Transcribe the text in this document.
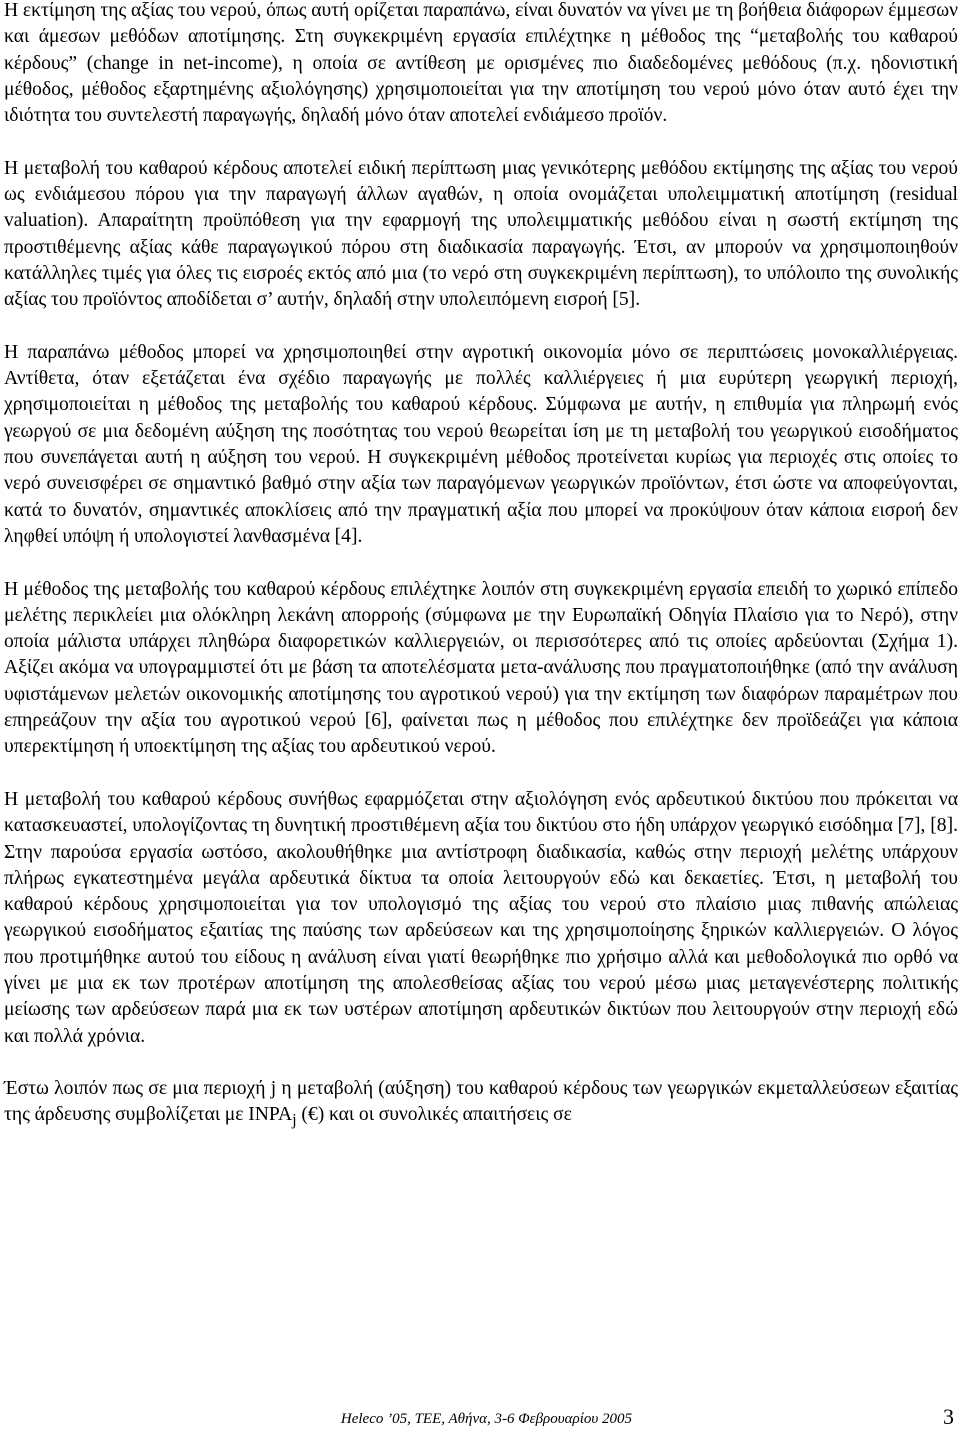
Η εκτίμηση της αξίας του νερού, όπως αυτή ορίζεται παραπάνω, είναι δυνατόν να γίνει με τη βοήθεια διάφορων έμμεσων και άμεσων μεθόδων αποτίμησης. Στη συγκεκριμένη εργασία επιλέχτηκε η μέθοδος της “μεταβολής του καθαρού κέρδους” (change in net-income), η οποία σε αντίθεση με ορισμένες πιο διαδεδομένες μεθόδους (π.χ. ηδονιστική μέθοδος, μέθοδος εξαρτημένης αξιολόγησης) χρησιμοποιείται για την αποτίμηση του νερού μόνο όταν αυτό έχει την ιδιότητα του συντελεστή παραγωγής, δηλαδή μόνο όταν αποτελεί ενδιάμεσο προϊόν.

Η μεταβολή του καθαρού κέρδους αποτελεί ειδική περίπτωση μιας γενικότερης μεθόδου εκτίμησης της αξίας του νερού ως ενδιάμεσου πόρου για την παραγωγή άλλων αγαθών, η οποία ονομάζεται υπολειμματική αποτίμηση (residual valuation). Απαραίτητη προϋπόθεση για την εφαρμογή της υπολειμματικής μεθόδου είναι η σωστή εκτίμηση της προστιθέμενης αξίας κάθε παραγωγικού πόρου στη διαδικασία παραγωγής. Έτσι, αν μπορούν να χρησιμοποιηθούν κατάλληλες τιμές για όλες τις εισροές εκτός από μια (το νερό στη συγκεκριμένη περίπτωση), το υπόλοιπο της συνολικής αξίας του προϊόντος αποδίδεται σ’ αυτήν, δηλαδή στην υπολειπόμενη εισροή [5].

Η παραπάνω μέθοδος μπορεί να χρησιμοποιηθεί στην αγροτική οικονομία μόνο σε περιπτώσεις μονοκαλλιέργειας. Αντίθετα, όταν εξετάζεται ένα σχέδιο παραγωγής με πολλές καλλιέργειες ή μια ευρύτερη γεωργική περιοχή, χρησιμοποιείται η μέθοδος της μεταβολής του καθαρού κέρδους. Σύμφωνα με αυτήν, η επιθυμία για πληρωμή ενός γεωργού σε μια δεδομένη αύξηση της ποσότητας του νερού θεωρείται ίση με τη μεταβολή του γεωργικού εισοδήματος που συνεπάγεται αυτή η αύξηση του νερού. Η συγκεκριμένη μέθοδος προτείνεται κυρίως για περιοχές στις οποίες το νερό συνεισφέρει σε σημαντικό βαθμό στην αξία των παραγόμενων γεωργικών προϊόντων, έτσι ώστε να αποφεύγονται, κατά το δυνατόν, σημαντικές αποκλίσεις από την πραγματική αξία που μπορεί να προκύψουν όταν κάποια εισροή δεν ληφθεί υπόψη ή υπολογιστεί λανθασμένα [4].

Η μέθοδος της μεταβολής του καθαρού κέρδους επιλέχτηκε λοιπόν στη συγκεκριμένη εργασία επειδή το χωρικό επίπεδο μελέτης περικλείει μια ολόκληρη λεκάνη απορροής (σύμφωνα με την Ευρωπαϊκή Οδηγία Πλαίσιο για το Νερό), στην οποία μάλιστα υπάρχει πληθώρα διαφορετικών καλλιεργειών, οι περισσότερες από τις οποίες αρδεύονται (Σχήμα 1). Αξίζει ακόμα να υπογραμμιστεί ότι με βάση τα αποτελέσματα μετα-ανάλυσης που πραγματοποιήθηκε (από την ανάλυση υφιστάμενων μελετών οικονομικής αποτίμησης του αγροτικού νερού) για την εκτίμηση των διαφόρων παραμέτρων που επηρεάζουν την αξία του αγροτικού νερού [6], φαίνεται πως η μέθοδος που επιλέχτηκε δεν προϊδεάζει για κάποια υπερεκτίμηση ή υποεκτίμηση της αξίας του αρδευτικού νερού.

Η μεταβολή του καθαρού κέρδους συνήθως εφαρμόζεται στην αξιολόγηση ενός αρδευτικού δικτύου που πρόκειται να κατασκευαστεί, υπολογίζοντας τη δυνητική προστιθέμενη αξία του δικτύου στο ήδη υπάρχον γεωργικό εισόδημα [7], [8]. Στην παρούσα εργασία ωστόσο, ακολουθήθηκε μια αντίστροφη διαδικασία, καθώς στην περιοχή μελέτης υπάρχουν πλήρως εγκατεστημένα μεγάλα αρδευτικά δίκτυα τα οποία λειτουργούν εδώ και δεκαετίες. Έτσι, η μεταβολή του καθαρού κέρδους χρησιμοποιείται για τον υπολογισμό της αξίας του νερού στο πλαίσιο μιας πιθανής απώλειας γεωργικού εισοδήματος εξαιτίας της παύσης των αρδεύσεων και της χρησιμοποίησης ξηρικών καλλιεργειών. Ο λόγος που προτιμήθηκε αυτού του είδους η ανάλυση είναι γιατί θεωρήθηκε πιο χρήσιμο αλλά και μεθοδολογικά πιο ορθό να γίνει με μια εκ των προτέρων αποτίμηση της απολεσθείσας αξίας του νερού μέσω μιας μεταγενέστερης πολιτικής μείωσης των αρδεύσεων παρά μια εκ των υστέρων αποτίμηση αρδευτικών δικτύων που λειτουργούν στην περιοχή εδώ και πολλά χρόνια.

Έστω λοιπόν πως σε μια περιοχή j η μεταβολή (αύξηση) του καθαρού κέρδους των γεωργικών εκμεταλλεύσεων εξαιτίας της άρδευσης συμβολίζεται με $INPA_j$ (€) και οι συνολικές απαιτήσεις σε

Heleco ’05, ΤΕΕ, Αθήνα, 3-6 Φεβρουαρίου 2005	3
